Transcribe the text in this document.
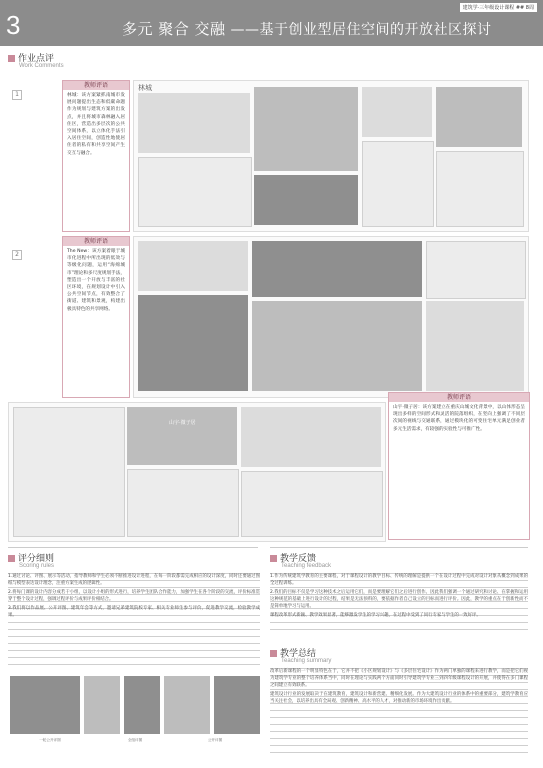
3	多元 聚合 交融 ——基于创业型居住空间的开放社区探讨
建筑学·三年级设计课程 ## 8周
作业点评
Work Comments
1
教师评语
林城：该方案紧抓南城市发展问题提出生态和低碳命题作为规划与建筑方案的出发点，并且将城市森林融入居住区，营造出多层次的公共空间体系，以立体化手法引入居住空间，创造性地使居住者的私有和共享空间产生交互与融合。
林城
2
教师评语
The New：该方案着眼于城市化进程中所出现的低效与等级化问题，运用“海绵城市”理论和多尺度规划手法，塑造出一个开放与丰富的社区环境，在规划设计中引入公共空间节点，有效整合了街道、建筑和景观，构建出极具特色的共享网络。
山宇·微子居
教师评语
山宇·微子居：该方案建立在重庆山城文化背景中，以山体形态呈现出多样的空间形式和灵活的院落组织，在竖向上强调了不同层次间的视线与交通联系，通过模块化的可变住宅单元满足创业者多元生活需求，有较强的实验性与可推广性。
评分细则
Scoring rules

1.通过讨论、评图、展示等活动，指导教师和学生必须不断推进设计进程，在每一阶段都需完成相应的设计深度，同时还要通过图纸与模型表达设计理念，注重方案生成的逻辑性。

2.将每门课的设计内容分成若干小组，以设计小组的形式进行，培养学生团队合作能力，加强学生在各个阶段的交流，评价标准贯穿于整个设计过程，强调过程评价与成果评价相结合。

3.我们将以作品展、公开评图、建筑年会等方式，邀请兄弟建筑院校专家、相关专业师生参与评价，促进教学交流，检验教学成果。

一轮公开评图	全组评图	公开评图
教学反馈
Teaching feedback

1.作为传统建筑学教育的主要课程，对于课程设计的教学目标、传统的理解是提供一个在设计过程中完成对设计对象从概念到成果的全过程训练。

2.我们的目标不仅是学习这种技术之后运用它们，而是要理解它们之后进行创作。因此我们强调一个通过研究和讨论、在掌握和运用这种规范的基础上进行设计的过程，结果是无法预料的，要依据作者自己设立的目标而进行评价。因此，教学的重点在于创新性而不是简单地学习与运用。

课程改革形式新颖、教学效果显著，能够激发学生的学习兴趣，在过程中受到了同行专家与学生的一致好评。

教学总结
Teaching summary

改革后新课程的一个明显特色在于，它并不把《小区规划设计》与《多层住宅设计》作为两门单独的课程来进行教学，而是把它们视为建筑学专业的整个培养体系当中，同时在理论与实践两个方面同时引导建筑学专业三到四年级课程设计的开展，并使得在多门课程之间建立有效联系。

建筑设计行业的发展取决于在建筑教育，建筑设计和新营建、精细化发展。作为大建筑设计行业的体系中的重要部分，建筑学教育应当关注社会，以培养出具有全局观、创新精神、高水平的人才，对推动新的市场环境作出贡献。
